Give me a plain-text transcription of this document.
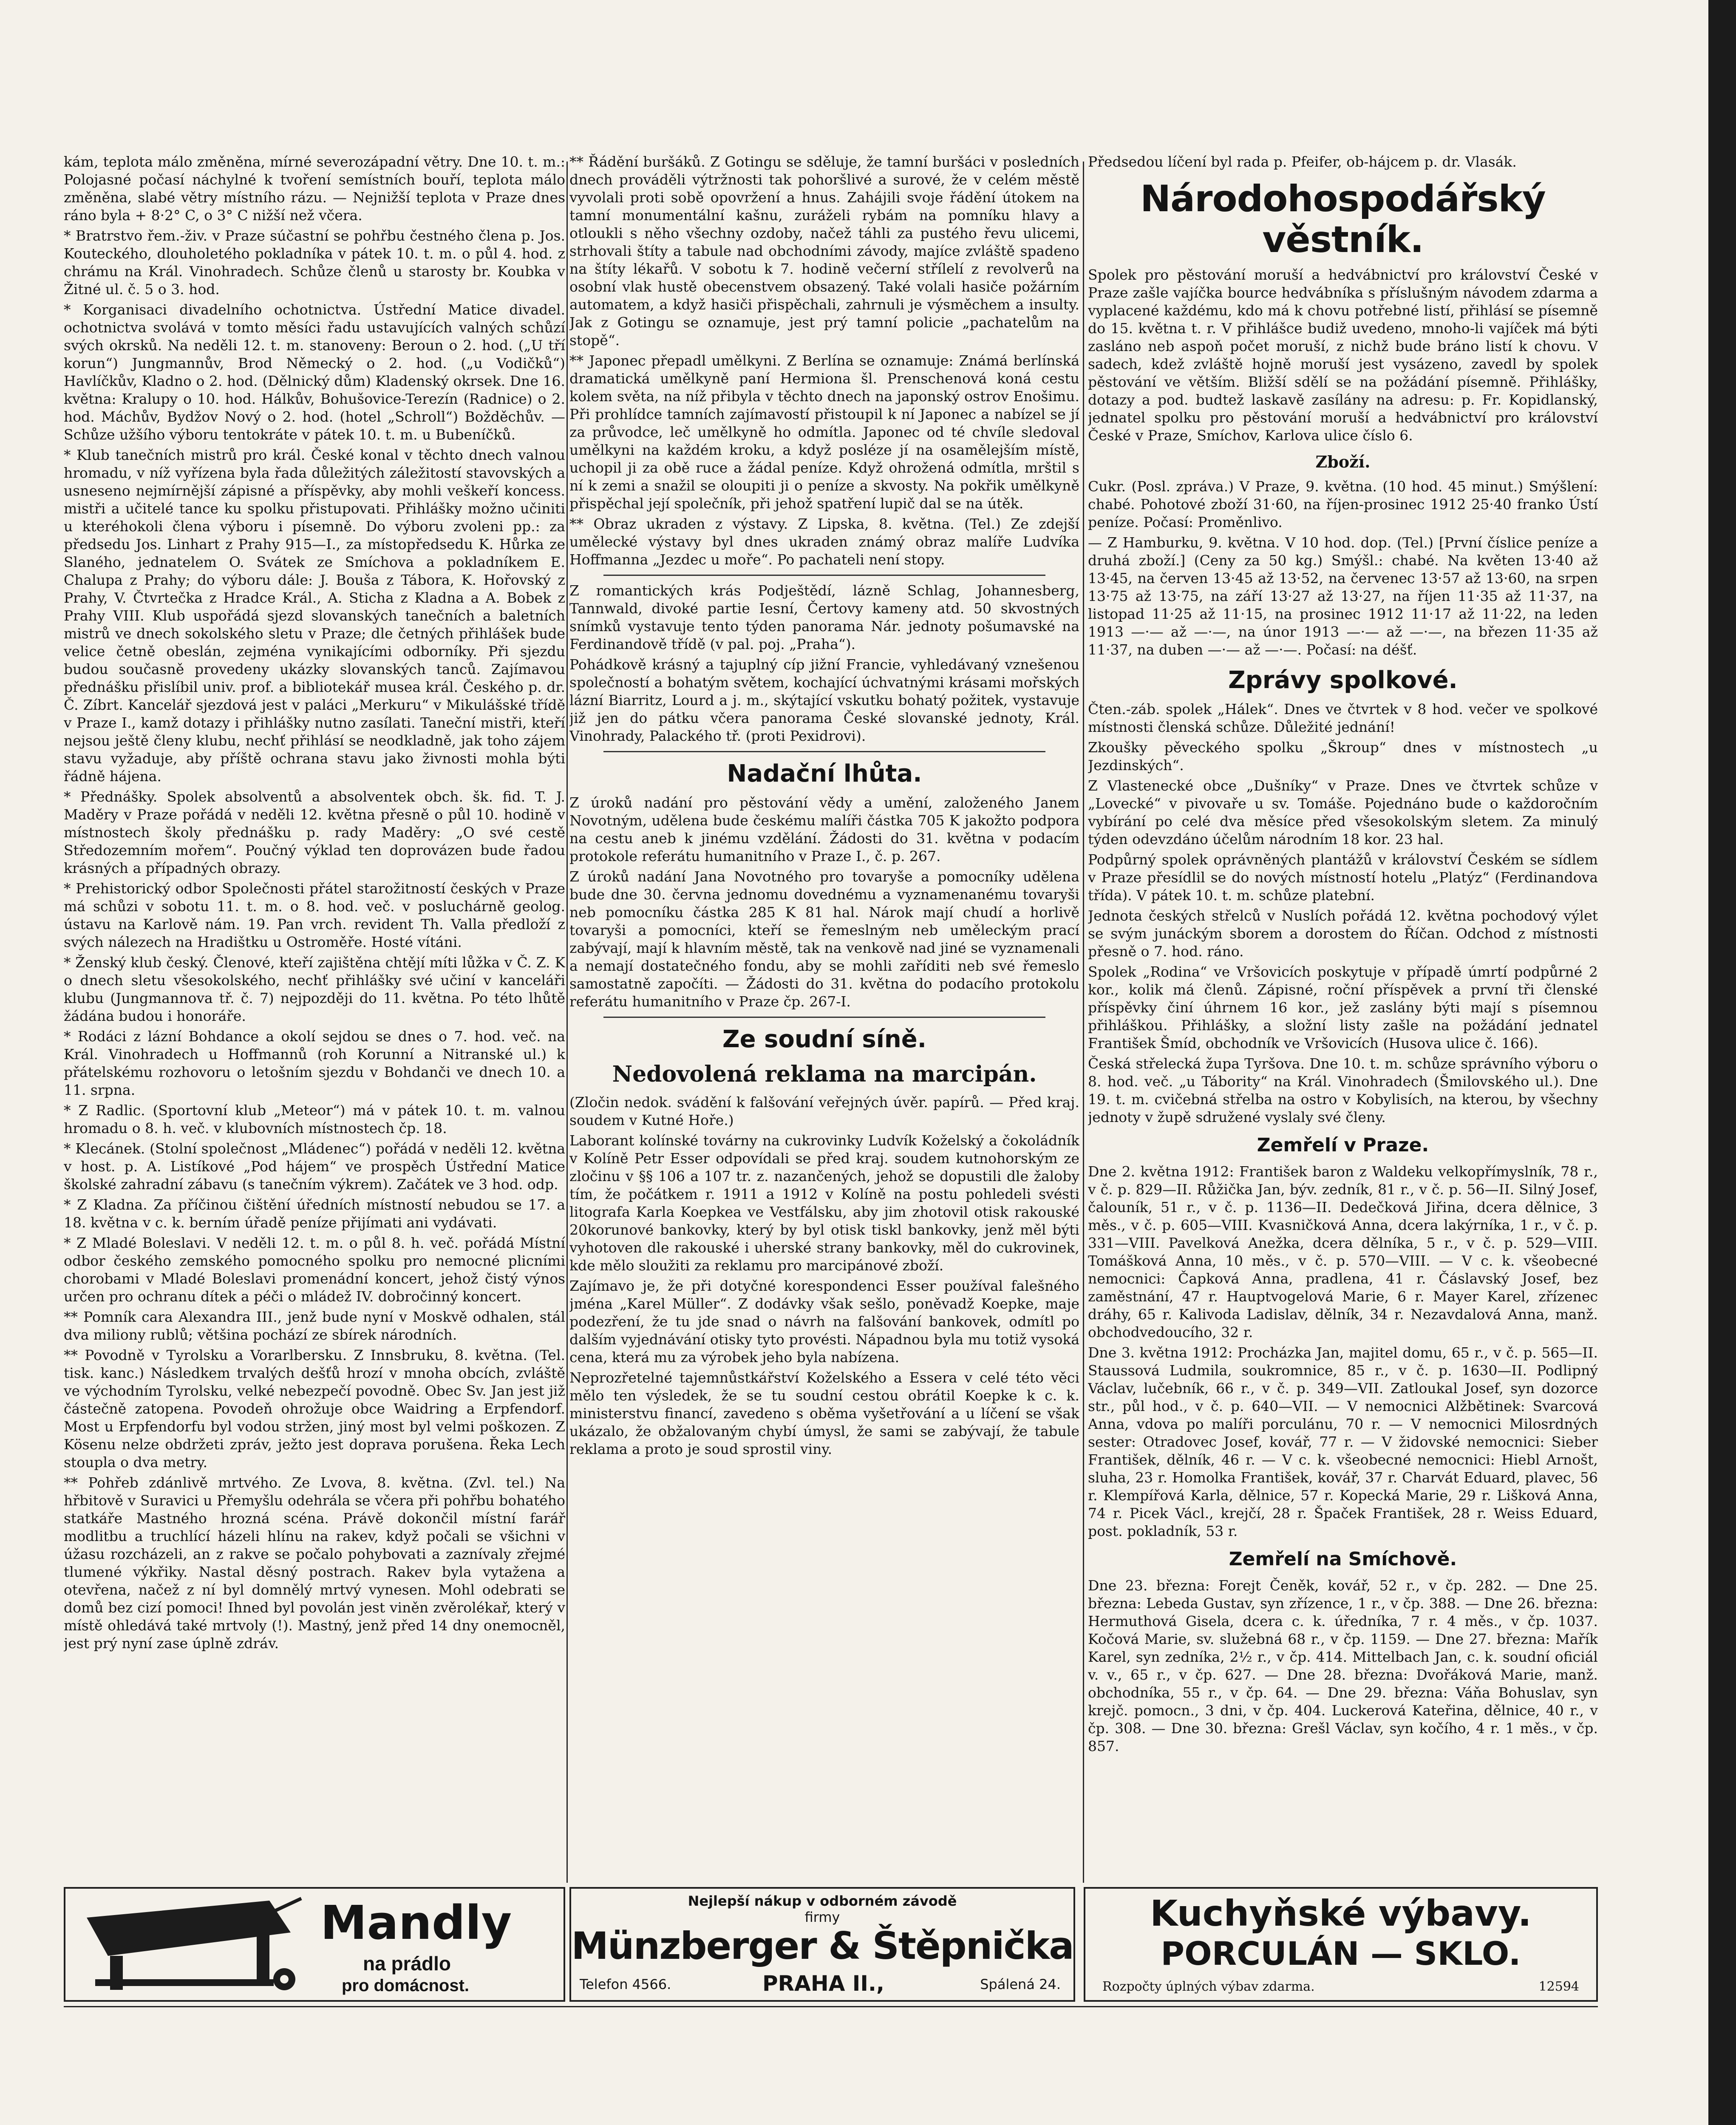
kám, teplota málo změněna, mírné severozápadní větry. Dne 10. t. m.: Polojasné počasí náchylné k tvoření semístních bouří, teplota málo změněna, slabé větry místního rázu. — Nejnižší teplota v Praze dnes ráno byla + 8·2° C, o 3° C nižší než včera.

* Bratrstvo řem.-živ. v Praze súčastní se pohřbu čestného člena p. Jos. Kouteckého, dlouholetého pokladníka v pátek 10. t. m. o půl 4. hod. z chrámu na Král. Vinohradech. Schůze členů u starosty br. Koubka v Žitné ul. č. 5 o 3. hod.

* Korganisaci divadelního ochotnictva. Ústřední Matice divadel. ochotnictva svolává v tomto měsíci řadu ustavujících valných schůzí svých okrsků. Na neděli 12. t. m. stanoveny: Beroun o 2. hod. („U tří korun“) Jungmannův, Brod Německý o 2. hod. („u Vodičků“) Havlíčkův, Kladno o 2. hod. (Dělnický dům) Kladenský okrsek. Dne 16. května: Kralupy o 10. hod. Hálkův, Bohušovice-Terezín (Radnice) o 2. hod. Máchův, Bydžov Nový o 2. hod. (hotel „Schroll“) Božděchův. — Schůze užšího výboru tentokráte v pátek 10. t. m. u Bubeníčků.

* Klub tanečních mistrů pro král. České konal v těchto dnech valnou hromadu, v níž vyřízena byla řada důležitých záležitostí stavovských a usneseno nejmírnější zápisné a příspěvky, aby mohli veškeří koncess. mistři a učitelé tance ku spolku přistupovati. Přihlášky možno učiniti u kteréhokoli člena výboru i písemně. Do výboru zvoleni pp.: za předsedu Jos. Linhart z Prahy 915—I., za místopředsedu K. Hůrka ze Slaného, jednatelem O. Svátek ze Smíchova a pokladníkem E. Chalupa z Prahy; do výboru dále: J. Bouša z Tábora, K. Hořovský z Prahy, V. Čtvrtečka z Hradce Král., A. Sticha z Kladna a A. Bobek z Prahy VIII. Klub uspořádá sjezd slovanských tanečních a baletních mistrů ve dnech sokolského sletu v Praze; dle četných přihlášek bude velice četně obeslán, zejména vynikajícími odborníky. Při sjezdu budou současně provedeny ukázky slovanských tanců. Zajímavou přednášku přislíbil univ. prof. a bibliotekář musea král. Českého p. dr. Č. Zíbrt. Kancelář sjezdová jest v paláci „Merkuru“ v Mikulášské třídě v Praze I., kamž dotazy i přihlášky nutno zasílati. Taneční mistři, kteří nejsou ještě členy klubu, nechť přihlásí se neodkladně, jak toho zájem stavu vyžaduje, aby příště ochrana stavu jako živnosti mohla býti řádně hájena.

* Přednášky. Spolek absolventů a absolventek obch. šk. fid. T. J. Maděry v Praze pořádá v neděli 12. května přesně o půl 10. hodině v místnostech školy přednášku p. rady Maděry: „O své cestě Středozemním mořem“. Poučný výklad ten doprovázen bude řadou krásných a případných obrazy.

* Prehistorický odbor Společnosti přátel starožitností českých v Praze má schůzi v sobotu 11. t. m. o 8. hod. več. v posluchárně geolog. ústavu na Karlově nám. 19. Pan vrch. revident Th. Valla předloží z svých nálezech na Hradištku u Ostroměře. Hosté vítáni.

* Ženský klub český. Členové, kteří zajištěna chtějí míti lůžka v Č. Z. K o dnech sletu všesokolského, nechť přihlášky své učiní v kanceláři klubu (Jungmannova tř. č. 7) nejpozději do 11. května. Po této lhůtě žádána budou i honoráře.

* Rodáci z lázní Bohdance a okolí sejdou se dnes o 7. hod. več. na Král. Vinohradech u Hoffmannů (roh Korunní a Nitranské ul.) k přátelskému rozhovoru o letošním sjezdu v Bohdanči ve dnech 10. a 11. srpna.

* Z Radlic. (Sportovní klub „Meteor“) má v pátek 10. t. m. valnou hromadu o 8. h. več. v klubovních místnostech čp. 18.

* Klecánek. (Stolní společnost „Mládenec“) pořádá v neděli 12. května v host. p. A. Listíkové „Pod hájem“ ve prospěch Ústřední Matice školské zahradní zábavu (s tanečním výkrem). Začátek ve 3 hod. odp.

* Z Kladna. Za příčinou čištění úředních místností nebudou se 17. a 18. května v c. k. berním úřadě peníze přijímati ani vydávati.

* Z Mladé Boleslavi. V neděli 12. t. m. o půl 8. h. več. pořádá Místní odbor českého zemského pomocného spolku pro nemocné plicními chorobami v Mladé Boleslavi promenádní koncert, jehož čistý výnos určen pro ochranu dítek a péči o mládež IV. dobročinný koncert.

** Pomník cara Alexandra III., jenž bude nyní v Moskvě odhalen, stál dva miliony rublů; většina pochází ze sbírek národních.

** Povodně v Tyrolsku a Vorarlbersku. Z Innsbruku, 8. května. (Tel. tisk. kanc.) Následkem trvalých dešťů hrozí v mnoha obcích, zvláště ve východním Tyrolsku, velké nebezpečí povodně. Obec Sv. Jan jest již částečně zatopena. Povodeň ohrožuje obce Waidring a Erpfendorf. Most u Erpfendorfu byl vodou stržen, jiný most byl velmi poškozen. Z Kösenu nelze obdržeti zpráv, ježto jest doprava porušena. Řeka Lech stoupla o dva metry.

** Pohřeb zdánlivě mrtvého. Ze Lvova, 8. května. (Zvl. tel.) Na hřbitově v Suravici u Přemyšlu odehrála se včera při pohřbu bohatého statkáře Mastného hrozná scéna. Právě dokončil místní farář modlitbu a truchlící házeli hlínu na rakev, když počali se všichni v úžasu rozcházeli, an z rakve se počalo pohybovati a zaznívaly zřejmé tlumené výkřiky. Nastal děsný postrach. Rakev byla vytažena a otevřena, načež z ní byl domnělý mrtvý vynesen. Mohl odebrati se domů bez cizí pomoci! Ihned byl povolán jest viněn zvěrolékař, který v místě ohledává také mrtvoly (!). Mastný, jenž před 14 dny onemocněl, jest prý nyní zase úplně zdráv.

** Řádění buršáků. Z Gotingu se sděluje, že tamní buršáci v posledních dnech prováděli výtržnosti tak pohoršlivé a surové, že v celém městě vyvolali proti sobě opovržení a hnus. Zahájili svoje řádění útokem na tamní monumentální kašnu, zuráželi rybám na pomníku hlavy a otloukli s něho všechny ozdoby, načež táhli za pustého řevu ulicemi, strhovali štíty a tabule nad obchodními závody, majíce zvláště spadeno na štíty lékařů. V sobotu k 7. hodině večerní střílelí z revolverů na osobní vlak hustě obecenstvem obsazený. Také volali hasiče požárním automatem, a když hasiči přispěchali, zahrnuli je výsměchem a insulty. Jak z Gotingu se oznamuje, jest prý tamní policie „pachatelům na stopě“.

** Japonec přepadl umělkyni. Z Berlína se oznamuje: Známá berlínská dramatická umělkyně paní Hermiona šl. Prenschenová koná cestu kolem světa, na níž přibyla v těchto dnech na japonský ostrov Enošimu. Při prohlídce tamních zajímavostí přistoupil k ní Japonec a nabízel se jí za průvodce, leč umělkyně ho odmítla. Japonec od té chvíle sledoval umělkyni na každém kroku, a když posléze jí na osamělejším místě, uchopil ji za obě ruce a žádal peníze. Když ohrožená odmítla, mrštil s ní k zemi a snažil se oloupiti ji o peníze a skvosty. Na pokřik umělkyně přispěchal její společník, při jehož spatření lupič dal se na útěk.

** Obraz ukraden z výstavy. Z Lipska, 8. května. (Tel.) Ze zdejší umělecké výstavy byl dnes ukraden známý obraz malíře Ludvíka Hoffmanna „Jezdec u moře“. Po pachateli není stopy.

Z romantických krás Podještědí, lázně Schlag, Johannesberg, Tannwald, divoké partie Iesní, Čertovy kameny atd. 50 skvostných snímků vystavuje tento týden panorama Nár. jednoty pošumavské na Ferdinandově třídě (v pal. poj. „Praha“).

Pohádkově krásný a tajuplný cíp jižní Francie, vyhledávaný vznešenou společností a bohatým světem, kochající úchvatnými krásami mořských lázní Biarritz, Lourd a j. m., skýtající vskutku bohatý požitek, vystavuje již jen do pátku včera panorama České slovanské jednoty, Král. Vinohrady, Palackého tř. (proti Pexidrovi).

Nadační lhůta.

Z úroků nadání pro pěstování vědy a umění, založeného Janem Novotným, udělena bude českému malíři částka 705 K jakožto podpora na cestu aneb k jinému vzdělání. Žádosti do 31. května v podacím protokole referátu humanitního v Praze I., č. p. 267.

Z úroků nadání Jana Novotného pro tovaryše a pomocníky udělena bude dne 30. června jednomu dovednému a vyznamenanému tovaryši neb pomocníku částka 285 K 81 hal. Nárok mají chudí a horlivě tovaryši a pomocníci, kteří se řemeslným neb uměleckým prací zabývají, mají k hlavním městě, tak na venkově nad jiné se vyznamenali a nemají dostatečného fondu, aby se mohli zaříditi neb své řemeslo samostatně započíti. — Žádosti do 31. května do podacího protokolu referátu humanitního v Praze čp. 267-I.

Ze soudní síně.
Nedovolená reklama na marcipán.

(Zločin nedok. svádění k falšování veřejných úvěr. papírů. — Před kraj. soudem v Kutné Hoře.)

Laborant kolínské továrny na cukrovinky Ludvík Koželský a čokoládník v Kolíně Petr Esser odpovídali se před kraj. soudem kutnohorským ze zločinu v §§ 106 a 107 tr. z. nazančených, jehož se dopustili dle žaloby tím, že počátkem r. 1911 a 1912 v Kolíně na postu pohledeli svésti litografa Karla Koepkea ve Vestfálsku, aby jim zhotovil otisk rakouské 20korunové bankovky, který by byl otisk tiskl bankovky, jenž měl býti vyhotoven dle rakouské i uherské strany bankovky, měl do cukrovinek, kde mělo sloužiti za reklamu pro marcipánové zboží.

Zajímavo je, že při dotyčné korespondenci Esser používal falešného jména „Karel Müller“. Z dodávky však sešlo, poněvadž Koepke, maje podezření, že tu jde snad o návrh na falšování bankovek, odmítl po dalším vyjednávání otisky tyto provésti. Nápadnou byla mu totiž vysoká cena, která mu za výrobek jeho byla nabízena.

Neprozřetelné tajemnůstkářství Koželského a Essera v celé této věci mělo ten výsledek, že se tu soudní cestou obrátil Koepke k c. k. ministerstvu financí, zavedeno s oběma vyšetřování a u líčení se však ukázalo, že obžalovaným chybí úmysl, že sami se zabývají, že tabule reklama a proto je soud sprostil viny.

Předsedou líčení byl rada p. Pfeifer, ob-hájcem p. dr. Vlasák.

Národohospodářský věstník.

Spolek pro pěstování moruší a hedvábnictví pro království České v Praze zašle vajíčka bource hedvábníka s příslušným návodem zdarma a vyplacené každému, kdo má k chovu potřebné listí, přihlásí se písemně do 15. května t. r. V přihlášce budiž uvedeno, mnoho-li vajíček má býti zasláno neb aspoň počet moruší, z nichž bude bráno listí k chovu. V sadech, kdež zvláště hojně moruší jest vysázeno, zavedl by spolek pěstování ve větším. Bližší sdělí se na požádání písemně. Přihlášky, dotazy a pod. budtež laskavě zasílány na adresu: p. Fr. Kopidlanský, jednatel spolku pro pěstování moruší a hedvábnictví pro království České v Praze, Smíchov, Karlova ulice číslo 6.

Zboží.

Cukr. (Posl. zpráva.) V Praze, 9. května. (10 hod. 45 minut.) Smýšlení: chabé. Pohotové zboží 31·60, na říjen-prosinec 1912 25·40 franko Ústí peníze. Počasí: Proměnlivo.

— Z Hamburku, 9. května. V 10 hod. dop. (Tel.) [První číslice peníze a druhá zboží.] (Ceny za 50 kg.) Smýšl.: chabé. Na květen 13·40 až 13·45, na červen 13·45 až 13·52, na červenec 13·57 až 13·60, na srpen 13·75 až 13·75, na září 13·27 až 13·27, na říjen 11·35 až 11·37, na listopad 11·25 až 11·15, na prosinec 1912 11·17 až 11·22, na leden 1913 —·— až —·—, na únor 1913 —·— až —·—, na březen 11·35 až 11·37, na duben —·— až —·—. Počasí: na déšť.

Zprávy spolkové.

Čten.-záb. spolek „Hálek“. Dnes ve čtvrtek v 8 hod. večer ve spolkové místnosti členská schůze. Důležité jednání!

Zkoušky pěveckého spolku „Škroup“ dnes v místnostech „u Jezdinských“.

Z Vlastenecké obce „Dušníky“ v Praze. Dnes ve čtvrtek schůze v „Lovecké“ v pivovaře u sv. Tomáše. Pojednáno bude o každoročním vybírání po celé dva měsíce před všesokolským sletem. Za minulý týden odevzdáno účelům národním 18 kor. 23 hal.

Podpůrný spolek oprávněných plantážů v království Českém se sídlem v Praze přesídlil se do nových místností hotelu „Platýz“ (Ferdinandova třída). V pátek 10. t. m. schůze platební.

Jednota českých střelců v Nuslích pořádá 12. května pochodový výlet se svým junáckým sborem a dorostem do Říčan. Odchod z místnosti přesně o 7. hod. ráno.

Spolek „Rodina“ ve Vršovicích poskytuje v případě úmrtí podpůrné 2 kor., kolik má členů. Zápisné, roční příspěvek a první tři členské příspěvky činí úhrnem 16 kor., jež zaslány býti mají s písemnou přihláškou. Přihlášky, a složní listy zašle na požádání jednatel František Šmíd, obchodník ve Vršovicích (Husova ulice č. 166).

Česká střelecká župa Tyršova. Dne 10. t. m. schůze správního výboru o 8. hod. več. „u Tábority“ na Král. Vinohradech (Šmilovského ul.). Dne 19. t. m. cvičebná střelba na ostro v Kobylisích, na kterou, by všechny jednoty v župě sdružené vyslaly své členy.

Zemřelí v Praze.

Dne 2. května 1912: František baron z Waldeku velkopřímyslník, 78 r., v č. p. 829—II. Růžička Jan, býv. zedník, 81 r., v č. p. 56—II. Silný Josef, čalouník, 51 r., v č. p. 1136—II. Dedečková Jiřina, dcera dělnice, 3 měs., v č. p. 605—VIII. Kvasničková Anna, dcera lakýrníka, 1 r., v č. p. 331—VIII. Pavelková Anežka, dcera dělníka, 5 r., v č. p. 529—VIII. Tomášková Anna, 10 měs., v č. p. 570—VIII. — V c. k. všeobecné nemocnici: Čapková Anna, pradlena, 41 r. Čáslavský Josef, bez zaměstnání, 47 r. Hauptvogelová Marie, 6 r. Mayer Karel, zřízenec dráhy, 65 r. Kalivoda Ladislav, dělník, 34 r. Nezavdalová Anna, manž. obchodvedoucího, 32 r.

Dne 3. května 1912: Procházka Jan, majitel domu, 65 r., v č. p. 565—II. Staussová Ludmila, soukromnice, 85 r., v č. p. 1630—II. Podlipný Václav, lučebník, 66 r., v č. p. 349—VII. Zatloukal Josef, syn dozorce str., půl hod., v č. p. 640—VII. — V nemocnici Alžbětinek: Svarcová Anna, vdova po malíři porculánu, 70 r. — V nemocnici Milosrdných sester: Otradovec Josef, kovář, 77 r. — V židovské nemocnici: Sieber František, dělník, 46 r. — V c. k. všeobecné nemocnici: Hiebl Arnošt, sluha, 23 r. Homolka František, kovář, 37 r. Charvát Eduard, plavec, 56 r. Klempířová Karla, dělnice, 57 r. Kopecká Marie, 29 r. Lišková Anna, 74 r. Picek Václ., krejčí, 28 r. Špaček František, 28 r. Weiss Eduard, post. pokladník, 53 r.

Zemřelí na Smíchově.

Dne 23. března: Forejt Čeněk, kovář, 52 r., v čp. 282. — Dne 25. března: Lebeda Gustav, syn zřízence, 1 r., v čp. 388. — Dne 26. března: Hermuthová Gisela, dcera c. k. úředníka, 7 r. 4 měs., v čp. 1037. Kočová Marie, sv. služebná 68 r., v čp. 1159. — Dne 27. března: Mařík Karel, syn zedníka, 2½ r., v čp. 414. Mittelbach Jan, c. k. soudní oficiál v. v., 65 r., v čp. 627. — Dne 28. března: Dvořáková Marie, manž. obchodníka, 55 r., v čp. 64. — Dne 29. března: Váňa Bohuslav, syn krejč. pomocn., 3 dni, v čp. 404. Luckerová Kateřina, dělnice, 40 r., v čp. 308. — Dne 30. března: Grešl Václav, syn kočího, 4 r. 1 měs., v čp. 857.

Mandly
na prádlo
pro domácnost.
Nejlepší nákup v odborném závodě
firmy
Münzberger & Štěpnička
Telefon 4566.	PRAHA II.,	Spálená 24.
Kuchyňské výbavy.
PORCULÁN — SKLO.
Rozpočty úplných výbav zdarma.	12594
